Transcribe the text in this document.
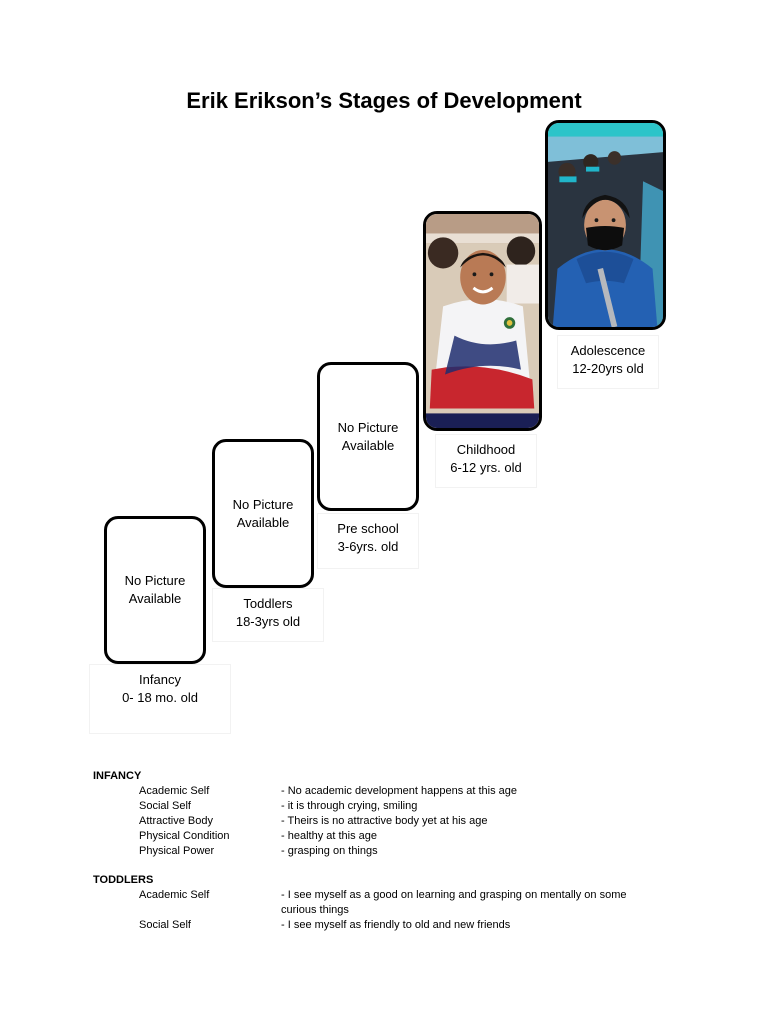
Erik Erikson’s Stages of Development
No Picture
Available
Infancy
0- 18 mo. old
No Picture
Available
Toddlers
18-3yrs old
No Picture
Available
Pre school
3-6yrs. old
Childhood
6-12 yrs. old
Adolescence
12-20yrs old
INFANCY
Academic Self	- No academic development happens at this age
Social Self	- it is through crying, smiling
Attractive Body	- Theirs is no attractive body yet at his age
Physical Condition	- healthy at this age
Physical Power	- grasping on things
TODDLERS
Academic Self	- I see myself as a good on learning and grasping on mentally on some curious things
Social Self	- I see myself as friendly to old and new friends
